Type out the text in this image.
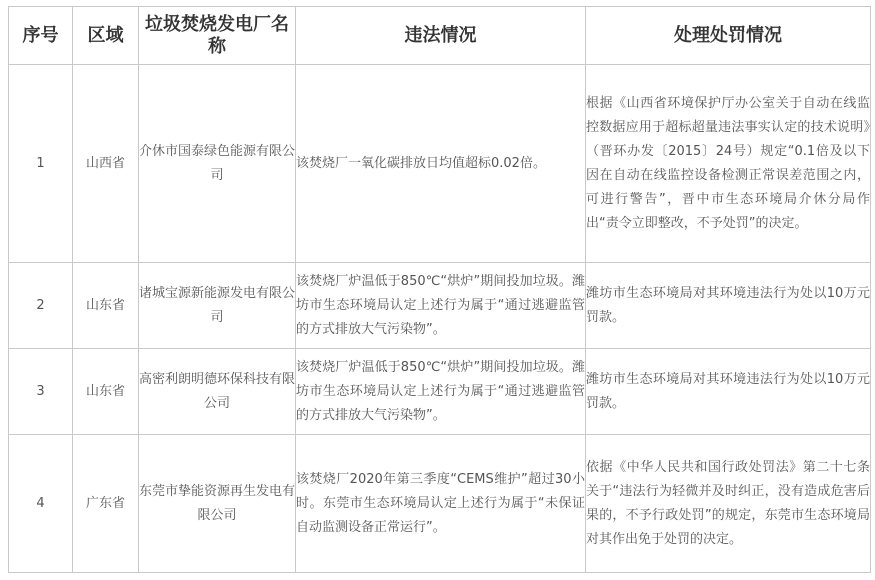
序号	区域	垃圾焚烧发电厂名称	违法情况	处理处罚情况
1	山西省	介休市国泰绿色能源有限公司	该焚烧厂一氧化碳排放日均值超标0.02倍。	根据《山西省环境保护厅办公室关于自动在线监控数据应用于超标超量违法事实认定的技术说明》（晋环办发〔2015〕24号）规定“0.1倍及以下因在自动在线监控设备检测正常误差范围之内，可进行警告”，晋中市生态环境局介休分局作出“责令立即整改，不予处罚”的决定。
2	山东省	诸城宝源新能源发电有限公司	该焚烧厂炉温低于850℃“烘炉”期间投加垃圾。潍坊市生态环境局认定上述行为属于“通过逃避监管的方式排放大气污染物”。	潍坊市生态环境局对其环境违法行为处以10万元罚款。
3	山东省	高密利朗明德环保科技有限公司	该焚烧厂炉温低于850℃“烘炉”期间投加垃圾。潍坊市生态环境局认定上述行为属于“通过逃避监管的方式排放大气污染物”。	潍坊市生态环境局对其环境违法行为处以10万元罚款。
4	广东省	东莞市挚能资源再生发电有限公司	该焚烧厂2020年第三季度“CEMS维护”超过30小时。东莞市生态环境局认定上述行为属于“未保证自动监测设备正常运行”。	依据《中华人民共和国行政处罚法》第二十七条关于“违法行为轻微并及时纠正，没有造成危害后果的，不予行政处罚”的规定，东莞市生态环境局对其作出免于处罚的决定。
